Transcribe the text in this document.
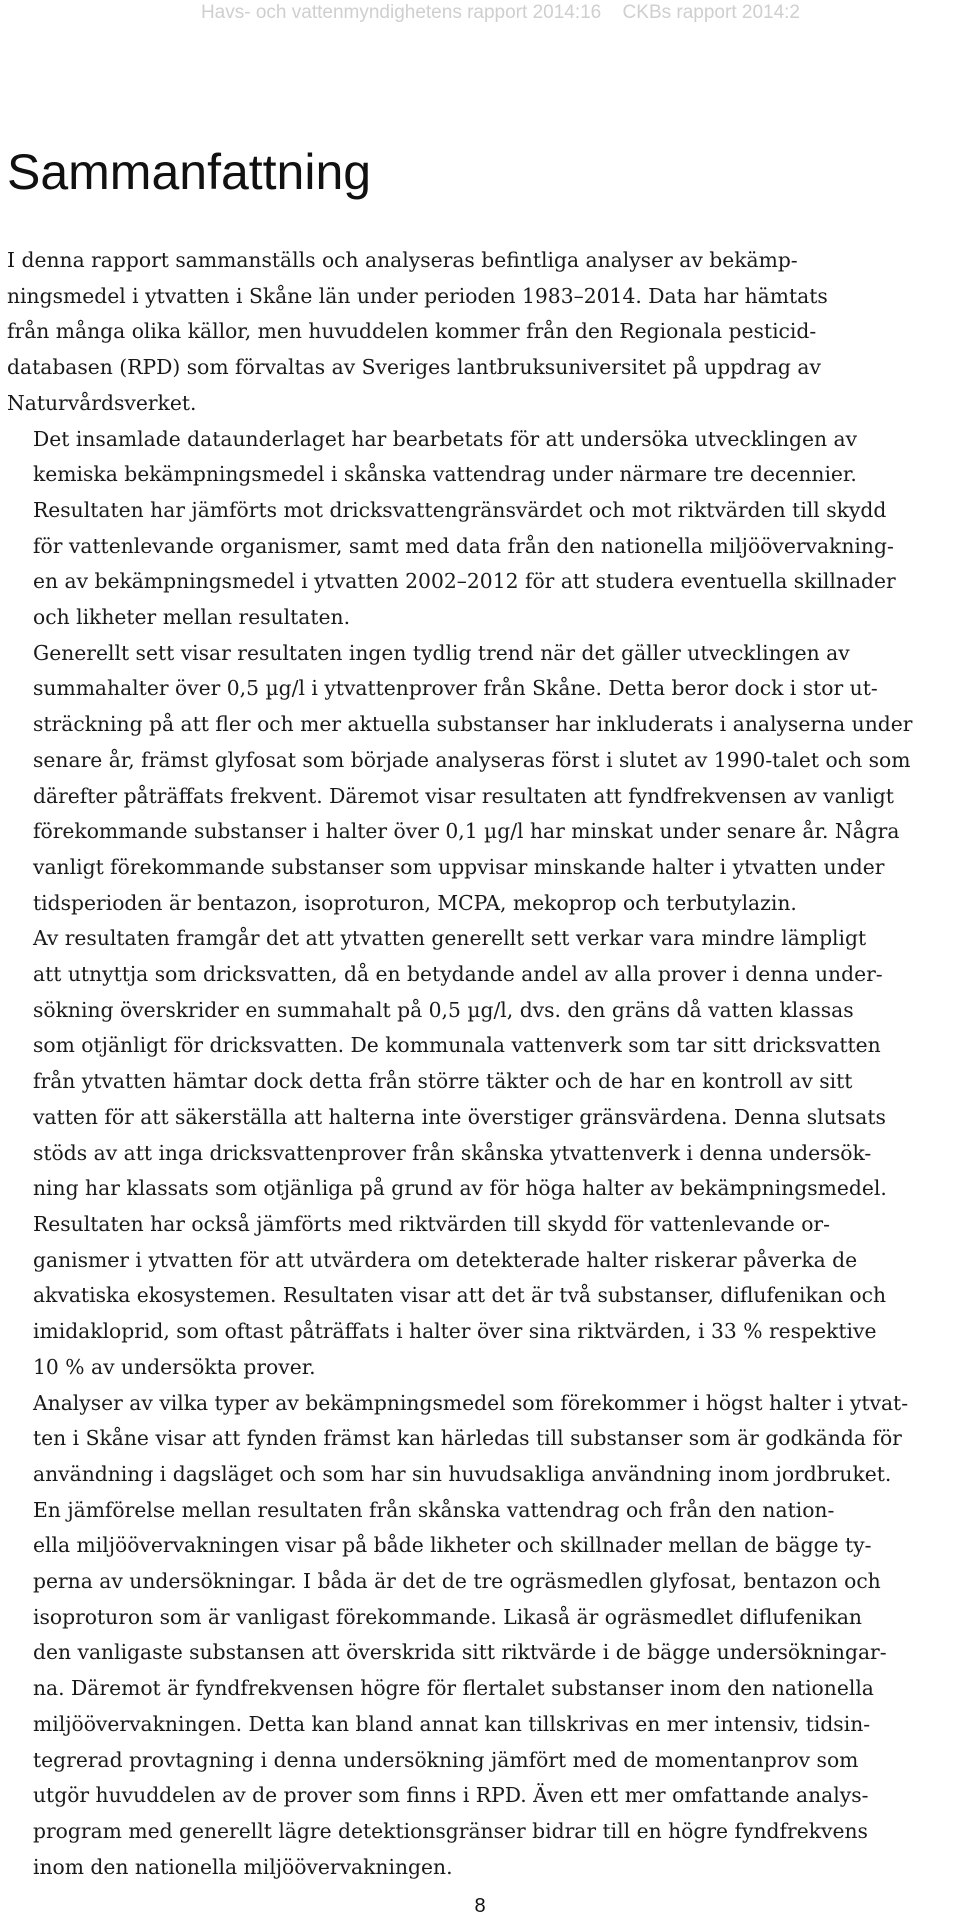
Havs- och vattenmyndighetens rapport 2014:16 CKBs rapport 2014:2
Sammanfattning

I denna rapport sammanställs och analyseras befintliga analyser av bekämp-
ningsmedel i ytvatten i Skåne län under perioden 1983–2014. Data har hämtats
från många olika källor, men huvuddelen kommer från den Regionala pesticid-
databasen (RPD) som förvaltas av Sveriges lantbruksuniversitet på uppdrag av
Naturvårdsverket.

Det insamlade dataunderlaget har bearbetats för att undersöka utvecklingen av
kemiska bekämpningsmedel i skånska vattendrag under närmare tre decennier.
Resultaten har jämförts mot dricksvattengränsvärdet och mot riktvärden till skydd
för vattenlevande organismer, samt med data från den nationella miljöövervakning-
en av bekämpningsmedel i ytvatten 2002–2012 för att studera eventuella skillnader
och likheter mellan resultaten.

Generellt sett visar resultaten ingen tydlig trend när det gäller utvecklingen av
summahalter över 0,5 µg/l i ytvattenprover från Skåne. Detta beror dock i stor ut-
sträckning på att fler och mer aktuella substanser har inkluderats i analyserna under
senare år, främst glyfosat som började analyseras först i slutet av 1990-talet och som
därefter påträffats frekvent. Däremot visar resultaten att fyndfrekvensen av vanligt
förekommande substanser i halter över 0,1 µg/l har minskat under senare år. Några
vanligt förekommande substanser som uppvisar minskande halter i ytvatten under
tidsperioden är bentazon, isoproturon, MCPA, mekoprop och terbutylazin.

Av resultaten framgår det att ytvatten generellt sett verkar vara mindre lämpligt
att utnyttja som dricksvatten, då en betydande andel av alla prover i denna under-
sökning överskrider en summahalt på 0,5 µg/l, dvs. den gräns då vatten klassas
som otjänligt för dricksvatten. De kommunala vattenverk som tar sitt dricksvatten
från ytvatten hämtar dock detta från större täkter och de har en kontroll av sitt
vatten för att säkerställa att halterna inte överstiger gränsvärdena. Denna slutsats
stöds av att inga dricksvattenprover från skånska ytvattenverk i denna undersök-
ning har klassats som otjänliga på grund av för höga halter av bekämpningsmedel.

Resultaten har också jämförts med riktvärden till skydd för vattenlevande or-
ganismer i ytvatten för att utvärdera om detekterade halter riskerar påverka de
akvatiska ekosystemen. Resultaten visar att det är två substanser, diflufenikan och
imidakloprid, som oftast påträffats i halter över sina riktvärden, i 33 % respektive
10 % av undersökta prover.

Analyser av vilka typer av bekämpningsmedel som förekommer i högst halter i ytvat-
ten i Skåne visar att fynden främst kan härledas till substanser som är godkända för
användning i dagsläget och som har sin huvudsakliga användning inom jordbruket.

En jämförelse mellan resultaten från skånska vattendrag och från den nation-
ella miljöövervakningen visar på både likheter och skillnader mellan de bägge ty-
perna av undersökningar. I båda är det de tre ogräsmedlen glyfosat, bentazon och
isoproturon som är vanligast förekommande. Likaså är ogräsmedlet diflufenikan
den vanligaste substansen att överskrida sitt riktvärde i de bägge undersökningar-
na. Däremot är fyndfrekvensen högre för flertalet substanser inom den nationella
miljöövervakningen. Detta kan bland annat kan tillskrivas en mer intensiv, tidsin-
tegrerad provtagning i denna undersökning jämfört med de momentanprov som
utgör huvuddelen av de prover som finns i RPD. Även ett mer omfattande analys-
program med generellt lägre detektionsgränser bidrar till en högre fyndfrekvens
inom den nationella miljöövervakningen.

8
